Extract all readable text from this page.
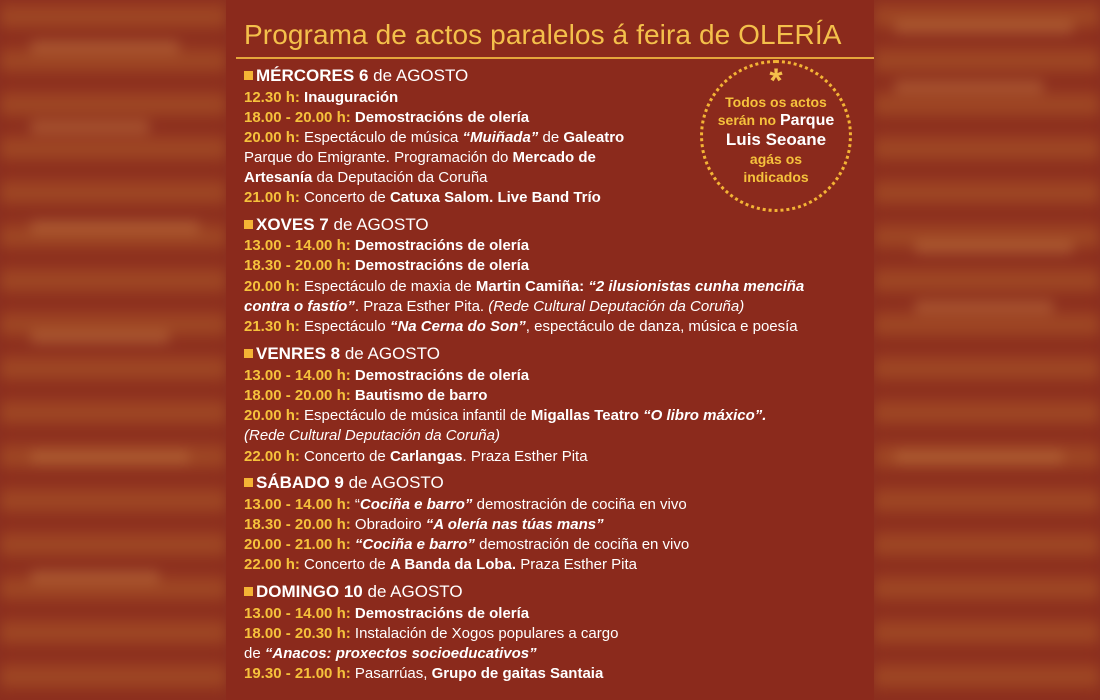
Programa de actos paralelos á feira de OLERÍA
*
Todos os actos
serán no Parque
Luis Seoane
agás os
indicados
MÉRCORES 6 de AGOSTO
12.30 h: Inauguración
18.00 - 20.00 h: Demostracións de olería
20.00 h: Espectáculo de música “Muiñada” de Galeatro
Parque do Emigrante. Programación do Mercado de
Artesanía da Deputación da Coruña
21.00 h: Concerto de Catuxa Salom. Live Band Trío
XOVES 7 de AGOSTO
13.00 - 14.00 h: Demostracións de olería
18.30 - 20.00 h: Demostracións de olería
20.00 h: Espectáculo de maxia de Martin Camiña: “2 ilusionistas cunha menciña
contra o fastío”. Praza Esther Pita. (Rede Cultural Deputación da Coruña)
21.30 h: Espectáculo “Na Cerna do Son”, espectáculo de danza, música e poesía
VENRES 8 de AGOSTO
13.00 - 14.00 h: Demostracións de olería
18.00 - 20.00 h: Bautismo de barro
20.00 h: Espectáculo de música infantil de Migallas Teatro “O libro máxico”.
(Rede Cultural Deputación da Coruña)
22.00 h: Concerto de Carlangas. Praza Esther Pita
SÁBADO 9 de AGOSTO
13.00 - 14.00 h: “Cociña e barro” demostración de cociña en vivo
18.30 - 20.00 h: Obradoiro “A olería nas túas mans”
20.00 - 21.00 h: “Cociña e barro” demostración de cociña en vivo
22.00 h: Concerto de A Banda da Loba. Praza Esther Pita
DOMINGO 10 de AGOSTO
13.00 - 14.00 h: Demostracións de olería
18.00 - 20.30 h: Instalación de Xogos populares a cargo
de “Anacos: proxectos socioeducativos”
19.30 - 21.00 h: Pasarrúas, Grupo de gaitas Santaia
